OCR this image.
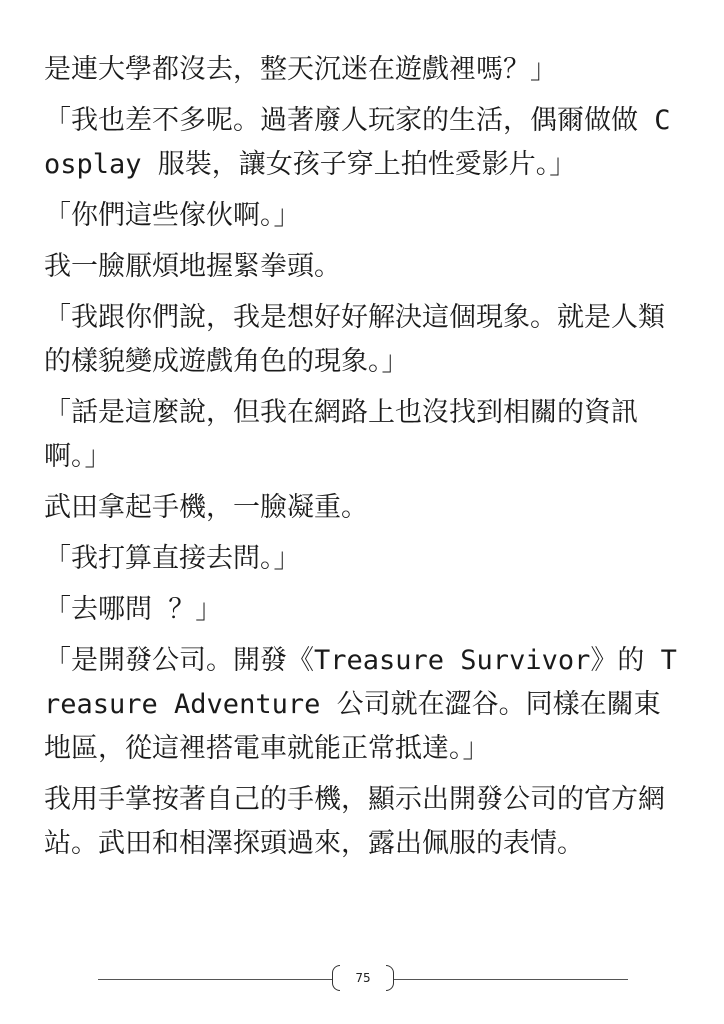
是連大學都沒去，整天沉迷在遊戲裡嗎？」

「我也差不多呢。過著廢人玩家的生活，偶爾做做 Cosplay 服裝，讓女孩子穿上拍性愛影片。」

「你們這些傢伙啊。」

我一臉厭煩地握緊拳頭。

「我跟你們說，我是想好好解決這個現象。就是人類的樣貌變成遊戲角色的現象。」

「話是這麼說，但我在網路上也沒找到相關的資訊啊。」

武田拿起手機，一臉凝重。

「我打算直接去問。」

「去哪問 ？」

「是開發公司。開發《Treasure Survivor》的 Treasure Adventure 公司就在澀谷。同樣在關東地區，從這裡搭電車就能正常抵達。」

我用手掌按著自己的手機，顯示出開發公司的官方網站。武田和相澤探頭過來，露出佩服的表情。

75
